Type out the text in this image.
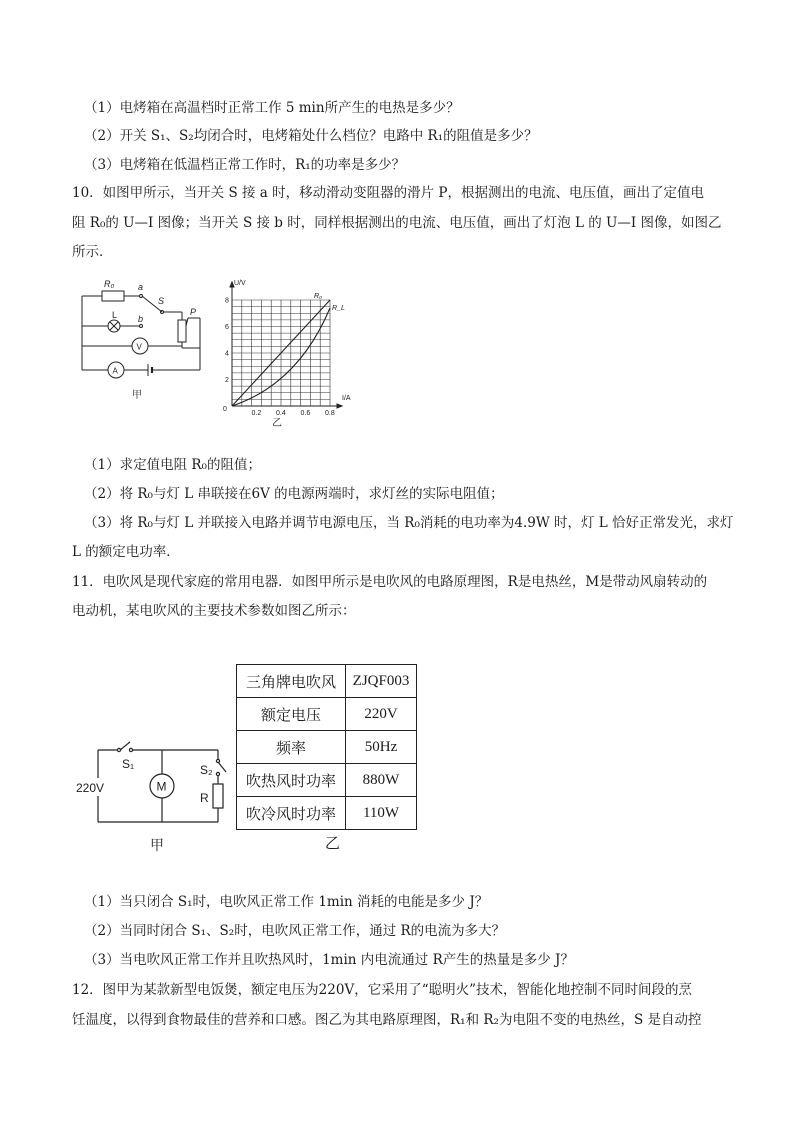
（1）电烤箱在高温档时正常工作 5 min所产生的电热是多少？
（2）开关 S₁、S₂均闭合时，电烤箱处什么档位？电路中 R₁的阻值是多少？
（3）电烤箱在低温档正常工作时，R₁的功率是多少？
10．如图甲所示，当开关 S 接 a 时，移动滑动变阻器的滑片 P，根据测出的电流、电压值，画出了定值电
阻 R₀的 U—I 图像；当开关 S 接 b 时，同样根据测出的电流、电压值，画出了灯泡 L 的 U—I 图像，如图乙
所示．
R₀	a
S
L b
P
V
A
甲
U/V
I/A
0
R₀
R_L
2
4
6
8
0.2 0.4 0.6 0.8
乙
（1）求定值电阻 R₀的阻值；
（2）将 R₀与灯 L 串联接在6V 的电源两端时，求灯丝的实际电阻值；
（3）将 R₀与灯 L 并联接入电路并调节电源电压，当 R₀消耗的电功率为4.9W 时，灯 L 恰好正常发光，求灯
L 的额定电功率．
11．电吹风是现代家庭的常用电器．如图甲所示是电吹风的电路原理图，R是电热丝，M是带动风扇转动的
电动机，某电吹风的主要技术参数如图乙所示：
S₁	S₂
220V	M
R
甲
三角牌电吹风	ZJQF003
额定电压	220V
频率	50Hz
吹热风时功率	880W
吹冷风时功率	110W
乙
（1）当只闭合 S₁时，电吹风正常工作 1min 消耗的电能是多少 J？
（2）当同时闭合 S₁、S₂时，电吹风正常工作，通过 R的电流为多大？
（3）当电吹风正常工作并且吹热风时，1min 内电流通过 R产生的热量是多少 J？
12．图甲为某款新型电饭煲，额定电压为220V，它采用了“聪明火”技术，智能化地控制不同时间段的烹
饪温度，以得到食物最佳的营养和口感。图乙为其电路原理图，R₁和 R₂为电阻不变的电热丝，S 是自动控
